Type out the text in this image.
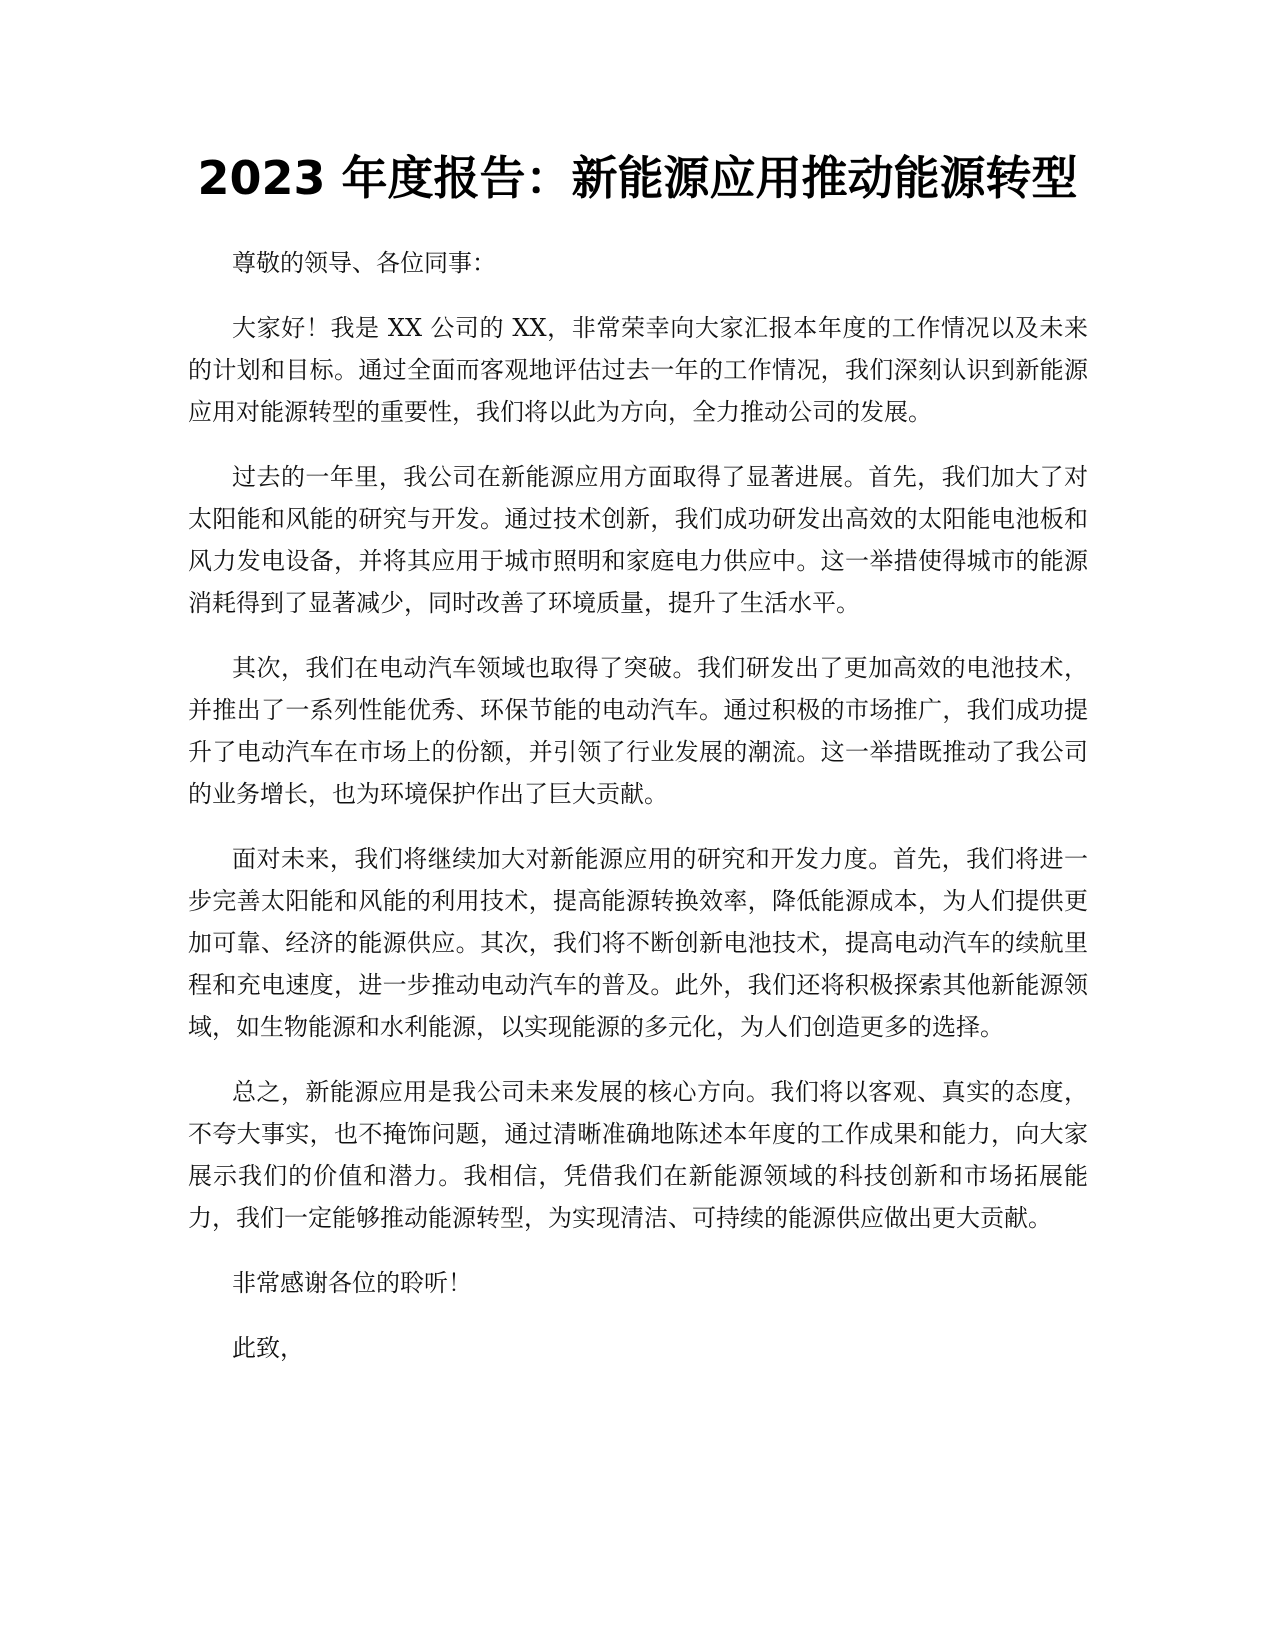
2023 年度报告：新能源应用推动能源转型

尊敬的领导、各位同事：

大家好！我是 XX 公司的 XX，非常荣幸向大家汇报本年度的工作情况以及未来的计划和目标。通过全面而客观地评估过去一年的工作情况，我们深刻认识到新能源应用对能源转型的重要性，我们将以此为方向，全力推动公司的发展。

过去的一年里，我公司在新能源应用方面取得了显著进展。首先，我们加大了对太阳能和风能的研究与开发。通过技术创新，我们成功研发出高效的太阳能电池板和风力发电设备，并将其应用于城市照明和家庭电力供应中。这一举措使得城市的能源消耗得到了显著减少，同时改善了环境质量，提升了生活水平。

其次，我们在电动汽车领域也取得了突破。我们研发出了更加高效的电池技术，并推出了一系列性能优秀、环保节能的电动汽车。通过积极的市场推广，我们成功提升了电动汽车在市场上的份额，并引领了行业发展的潮流。这一举措既推动了我公司的业务增长，也为环境保护作出了巨大贡献。

面对未来，我们将继续加大对新能源应用的研究和开发力度。首先，我们将进一步完善太阳能和风能的利用技术，提高能源转换效率，降低能源成本，为人们提供更加可靠、经济的能源供应。其次，我们将不断创新电池技术，提高电动汽车的续航里程和充电速度，进一步推动电动汽车的普及。此外，我们还将积极探索其他新能源领域，如生物能源和水利能源，以实现能源的多元化，为人们创造更多的选择。

总之，新能源应用是我公司未来发展的核心方向。我们将以客观、真实的态度，不夸大事实，也不掩饰问题，通过清晰准确地陈述本年度的工作成果和能力，向大家展示我们的价值和潜力。我相信，凭借我们在新能源领域的科技创新和市场拓展能力，我们一定能够推动能源转型，为实现清洁、可持续的能源供应做出更大贡献。

非常感谢各位的聆听！

此致，
